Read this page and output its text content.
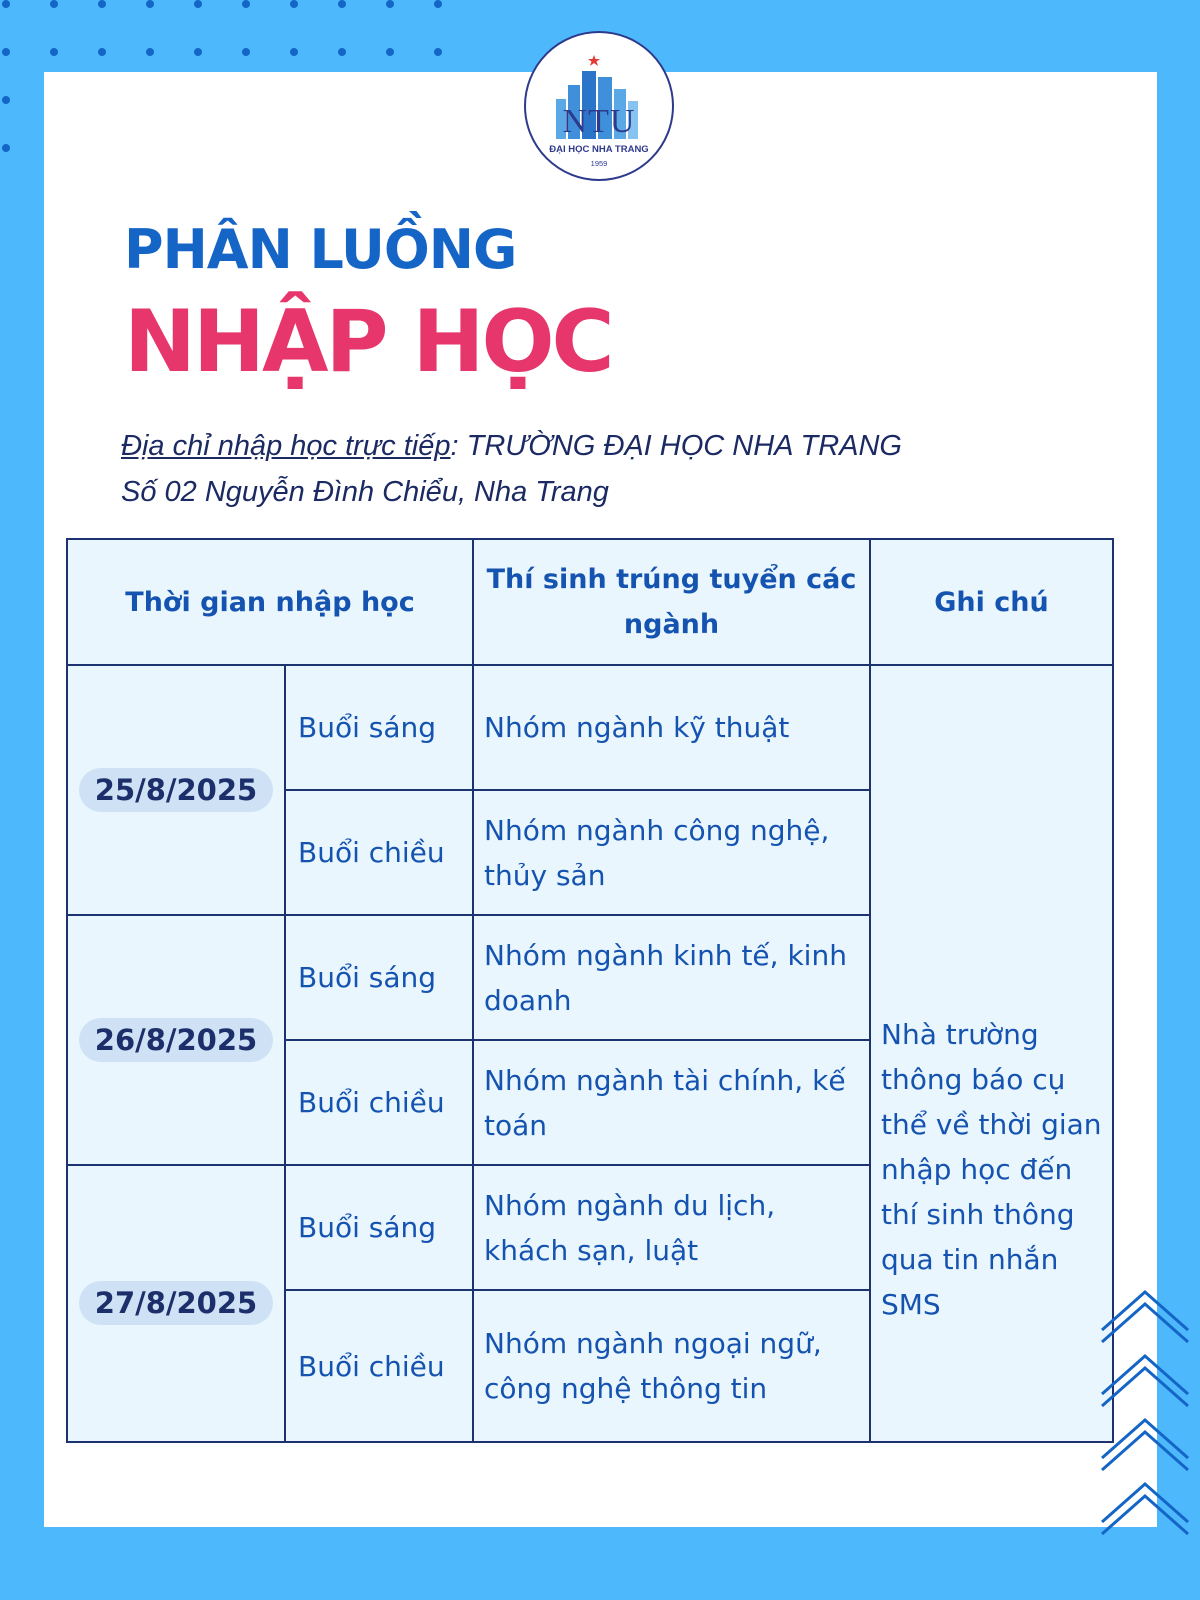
NTU
ĐẠI HỌC NHA TRANG
1959
PHÂN LUỒNG
NHẬP HỌC
Địa chỉ nhập học trực tiếp: TRƯỜNG ĐẠI HỌC NHA TRANG
Số 02 Nguyễn Đình Chiểu, Nha Trang
Thời gian nhập học		Thí sinh trúng tuyển các ngành	Ghi chú
25/8/2025	Buổi sáng	Nhóm ngành kỹ thuật	Nhà trường thông báo cụ thể về thời gian nhập học đến thí sinh thông qua tin nhắn SMS
	Buổi chiều	Nhóm ngành công nghệ, thủy sản	
26/8/2025	Buổi sáng	Nhóm ngành kinh tế, kinh doanh	
	Buổi chiều	Nhóm ngành tài chính, kế toán	
27/8/2025	Buổi sáng	Nhóm ngành du lịch, khách sạn, luật	
	Buổi chiều	Nhóm ngành ngoại ngữ, công nghệ thông tin	
